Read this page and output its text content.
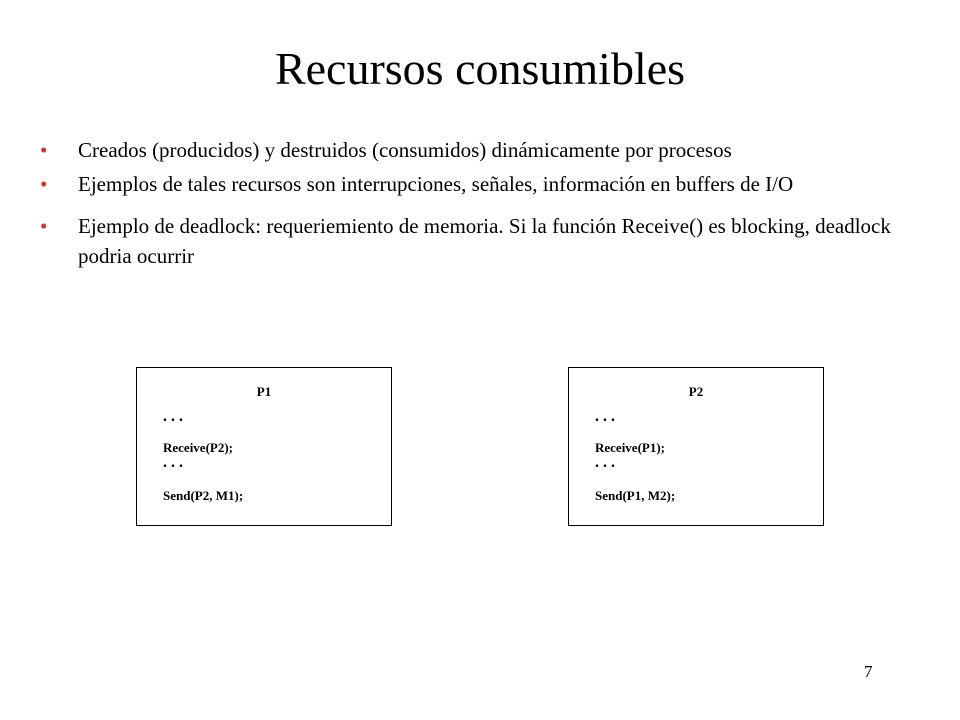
Recursos consumibles
• Creados (producidos) y destruidos (consumidos) dinámicamente por procesos
• Ejemplos de tales recursos son interrupciones, señales, información en buffers de I/O
• Ejemplo de deadlock: requeriemiento de memoria. Si la función Receive() es blocking, deadlock podria ocurrir
P1
...
Receive(P2);
...
Send(P2, M1);
P2
...
Receive(P1);
...
Send(P1, M2);
7
